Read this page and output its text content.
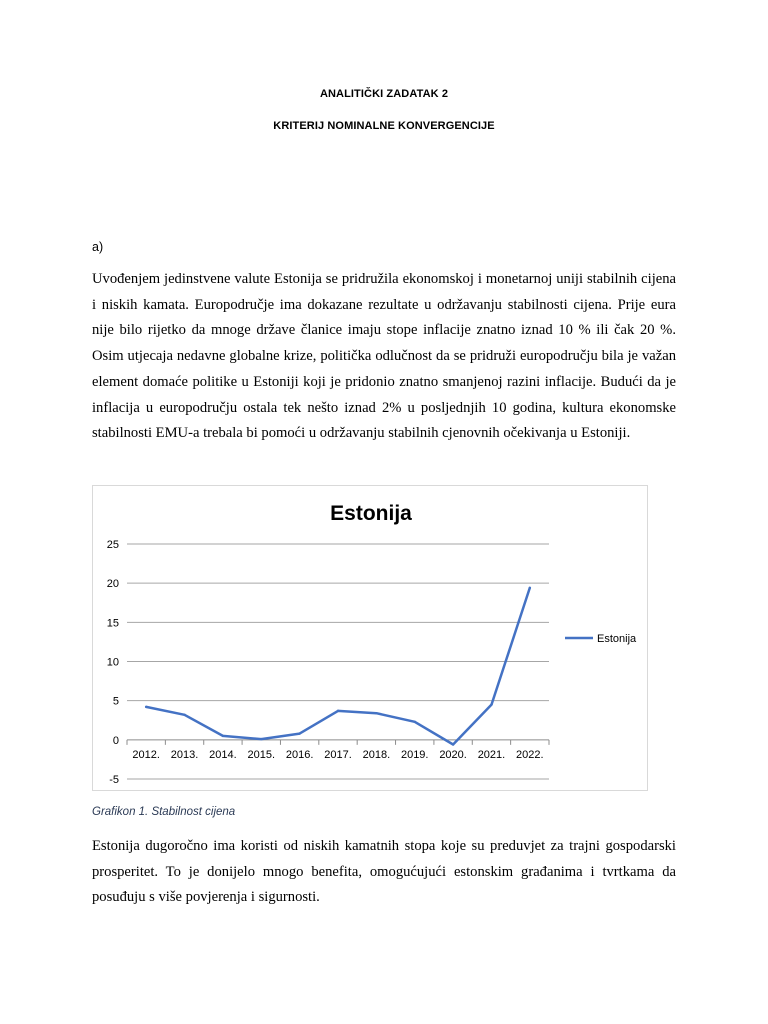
ANALITIČKI ZADATAK 2
KRITERIJ NOMINALNE KONVERGENCIJE
a)

Uvođenjem jedinstvene valute Estonija se pridružila ekonomskoj i monetarnoj uniji stabilnih cijena i niskih kamata. Europodručje ima dokazane rezultate u održavanju stabilnosti cijena. Prije eura nije bilo rijetko da mnoge države članice imaju stope inflacije znatno iznad 10 % ili čak 20 %. Osim utjecaja nedavne globalne krize, politička odlučnost da se pridruži europodručju bila je važan element domaće politike u Estoniji koji je pridonio znatno smanjenoj razini inflacije. Budući da je inflacija u europodručju ostala tek nešto iznad 2% u posljednjih 10 godina, kultura ekonomske stabilnosti EMU-a trebala bi pomoći u održavanju stabilnih cjenovnih očekivanja u Estoniji.

Estonija
-5
0
5
10
15
20
25
2012. 2013. 2014. 2015. 2016. 2017. 2018. 2019. 2020. 2021. 2022.
Estonija
Grafikon 1. Stabilnost cijena

Estonija dugoročno ima koristi od niskih kamatnih stopa koje su preduvjet za trajni gospodarski prosperitet. To je donijelo mnogo benefita, omogućujući estonskim građanima i tvrtkama da posuđuju s više povjerenja i sigurnosti.
